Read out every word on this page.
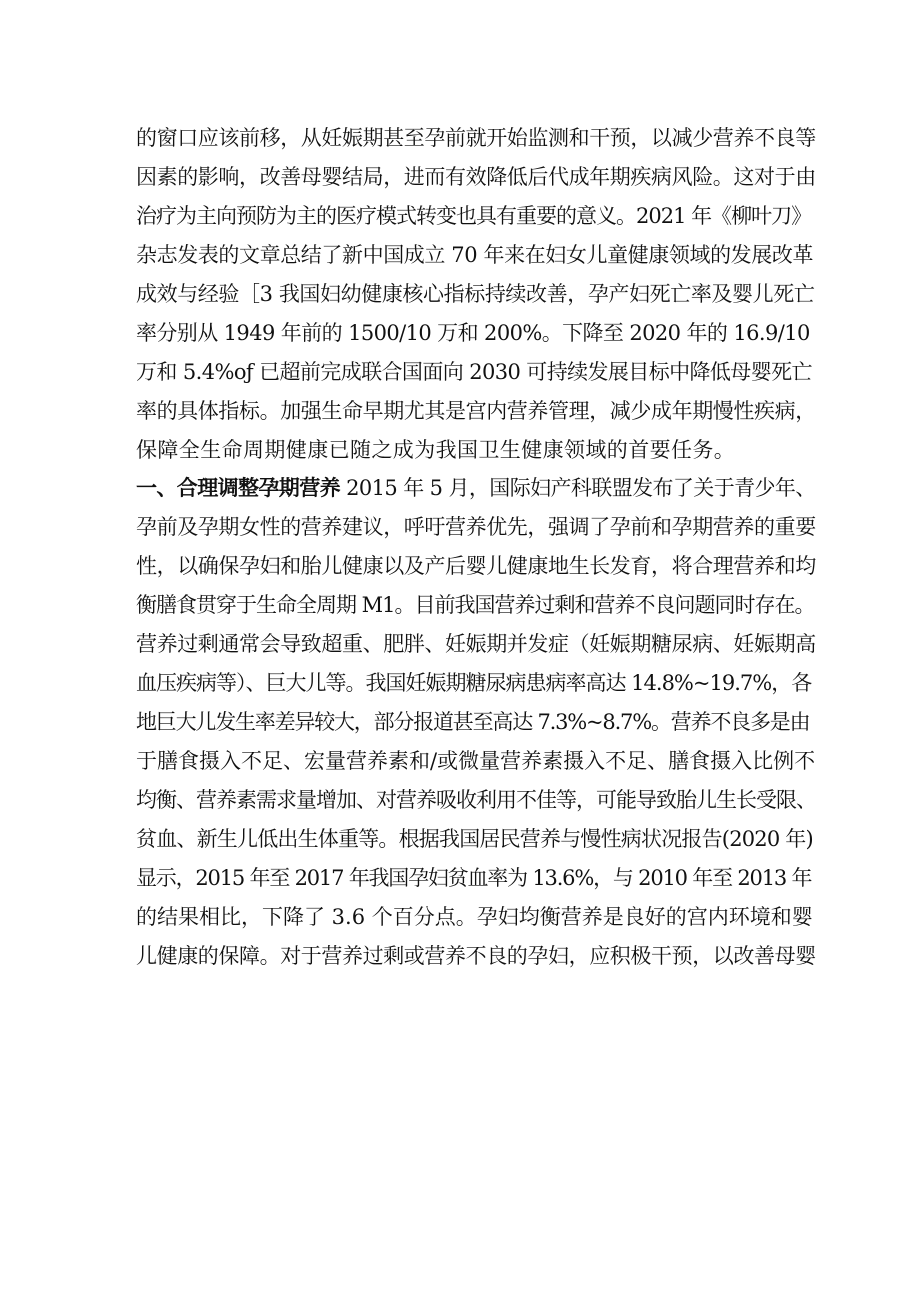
的窗口应该前移，从妊娠期甚至孕前就开始监测和干预，以减少营养不良等
因素的影响，改善母婴结局，进而有效降低后代成年期疾病风险。这对于由
治疗为主向预防为主的医疗模式转变也具有重要的意义。2021 年《柳叶刀》
杂志发表的文章总结了新中国成立 70 年来在妇女儿童健康领域的发展改革
成效与经验［3 我国妇幼健康核心指标持续改善，孕产妇死亡率及婴儿死亡
率分别从 1949 年前的 1500/10 万和 200%。下降至 2020 年的 16.9/10
万和 5.4%oƒ 已超前完成联合国面向 2030 可持续发展目标中降低母婴死亡
率的具体指标。加强生命早期尤其是宫内营养管理，减少成年期慢性疾病，
保障全生命周期健康已随之成为我国卫生健康领域的首要任务。
一、合理调整孕期营养 2015 年 5 月，国际妇产科联盟发布了关于青少年、
孕前及孕期女性的营养建议，呼吁营养优先，强调了孕前和孕期营养的重要
性，以确保孕妇和胎儿健康以及产后婴儿健康地生长发育，将合理营养和均
衡膳食贯穿于生命全周期 M1。目前我国营养过剩和营养不良问题同时存在。
营养过剩通常会导致超重、肥胖、妊娠期并发症（妊娠期糖尿病、妊娠期高
血压疾病等）、巨大儿等。我国妊娠期糖尿病患病率高达 14.8%~19.7%，各
地巨大儿发生率差异较大，部分报道甚至高达 7.3%~8.7%。营养不良多是由
于膳食摄入不足、宏量营养素和/或微量营养素摄入不足、膳食摄入比例不
均衡、营养素需求量增加、对营养吸收利用不佳等，可能导致胎儿生长受限、
贫血、新生儿低出生体重等。根据我国居民营养与慢性病状况报告(2020 年)
显示，2015 年至 2017 年我国孕妇贫血率为 13.6%，与 2010 年至 2013 年
的结果相比，下降了 3.6 个百分点。孕妇均衡营养是良好的宫内环境和婴
儿健康的保障。对于营养过剩或营养不良的孕妇，应积极干预，以改善母婴
